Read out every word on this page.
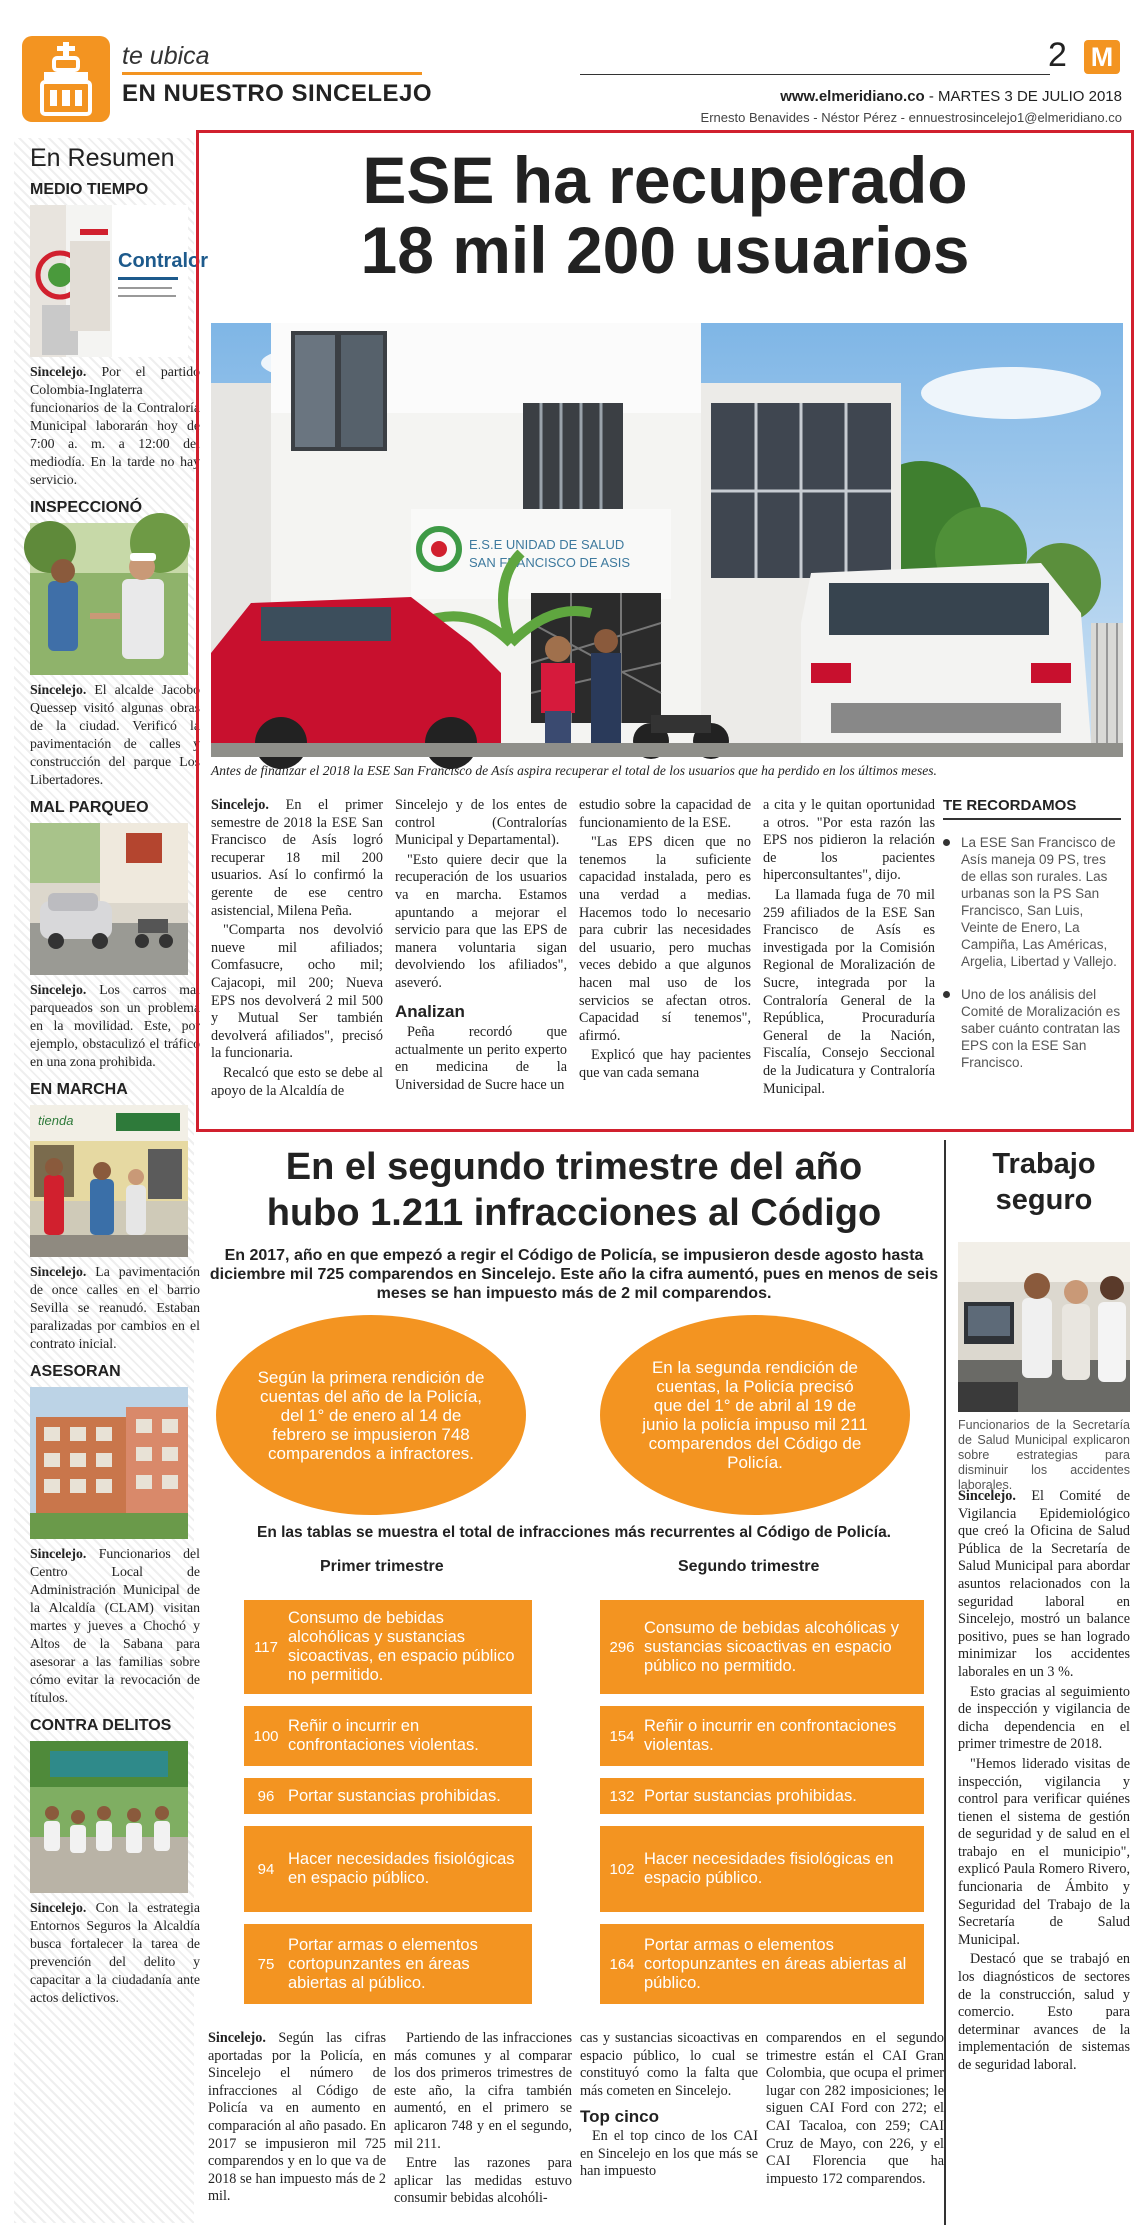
te ubica
EN NUESTRO SINCELEJO
2 M
www.elmeridiano.co - MARTES 3 DE JULIO 2018
Ernesto Benavides - Néstor Pérez - ennuestrosincelejo1@elmeridiano.co
En Resumen
MEDIO TIEMPO
Contralor
Sincelejo. Por el partido Colombia-Inglaterra funcionarios de la Contraloría Municipal laborarán hoy de 7:00 a. m. a 12:00 del mediodía. En la tarde no hay servicio.
INSPECCIONÓ
Sincelejo. El alcalde Jacobo Quessep visitó algunas obras de la ciudad. Verificó la pavimentación de calles y construcción del parque Los Libertadores.
MAL PARQUEO
Sincelejo. Los carros mal parqueados son un problema en la movilidad. Este, por ejemplo, obstaculizó el tráfico en una zona prohibida.
EN MARCHA
tienda
Sincelejo. La pavimentación de once calles en el barrio Sevilla se reanudó. Estaban paralizadas por cambios en el contrato inicial.
ASESORAN
Sincelejo. Funcionarios del Centro Local de Administración Municipal de la Alcaldía (CLAM) visitan martes y jueves a Chochó y Altos de la Sabana para asesorar a las familias sobre cómo evitar la revocación de títulos.
CONTRA DELITOS
Sincelejo. Con la estrategia Entornos Seguros la Alcaldía busca fortalecer la tarea de prevención del delito y capacitar a la ciudadanía ante actos delictivos.
ESE ha recuperado
18 mil 200 usuarios
E.S.E UNIDAD DE SALUD
SAN FRANCISCO DE ASIS
Antes de finalizar el 2018 la ESE San Francisco de Asís aspira recuperar el total de los usuarios que ha perdido en los últimos meses.

Sincelejo. En el primer semestre de 2018 la ESE San Francisco de Asís logró recuperar 18 mil 200 usuarios. Así lo confirmó la gerente de ese centro asistencial, Milena Peña.

"Comparta nos devolvió nueve mil afiliados; Comfasucre, ocho mil; Cajacopi, mil 200; Nueva EPS nos devolverá 2 mil 500 y Mutual Ser también devolverá afiliados", precisó la funcionaria.

Recalcó que esto se debe al apoyo de la Alcaldía de

Sincelejo y de los entes de control (Contralorías Municipal y Departamental).

"Esto quiere decir que la recuperación de los usuarios va en marcha. Estamos apuntando a mejorar el servicio para que las EPS de manera voluntaria sigan devolviendo los afiliados", aseveró.

Analizan

Peña recordó que actualmente un perito experto en medicina de la Universidad de Sucre hace un

estudio sobre la capacidad de funcionamiento de la ESE.

"Las EPS dicen que no tenemos la suficiente capacidad instalada, pero es una verdad a medias. Hacemos todo lo necesario para cubrir las necesidades del usuario, pero muchas veces debido a que algunos hacen mal uso de los servicios se afectan otros. Capacidad sí tenemos", afirmó.

Explicó que hay pacientes que van cada semana

a cita y le quitan oportunidad a otros. "Por esta razón las EPS nos pidieron la relación de los pacientes hiperconsultantes", dijo.

La llamada fuga de 70 mil 259 afiliados de la ESE San Francisco de Asís es investigada por la Comisión Regional de Moralización de Sucre, integrada por la Contraloría General de la República, Procuraduría General de la Nación, Fiscalía, Consejo Seccional de la Judicatura y Contraloría Municipal.

TE RECORDAMOS
La ESE San Francisco de Asís maneja 09 PS, tres de ellas son rurales. Las urbanas son la PS San Francisco, San Luis, Veinte de Enero, La Campiña, Las Américas, Argelia, Libertad y Vallejo.
Uno de los análisis del Comité de Moralización es saber cuánto contratan las EPS con la ESE San Francisco.
En el segundo trimestre del año
hubo 1.211 infracciones al Código
En 2017, año en que empezó a regir el Código de Policía, se impusieron desde agosto hasta diciembre mil 725 comparendos en Sincelejo. Este año la cifra aumentó, pues en menos de seis meses se han impuesto más de 2 mil comparendos.
Según la primera rendición de cuentas del año de la Policía, del 1° de enero al 14 de febrero se impusieron 748 comparendos a infractores.
En la segunda rendición de cuentas, la Policía precisó que del 1° de abril al 19 de junio la policía impuso mil 211 comparendos del Código de Policía.
En las tablas se muestra el total de infracciones más recurrentes al Código de Policía.
Primer trimestre	Segundo trimestre
117
Consumo de bebidas alcohólicas y sustancias sicoactivas, en espacio público no permitido.
100
Reñir o incurrir en confrontaciones violentas.
96 Portar sustancias prohibidas.
94
Hacer necesidades fisiológicas en espacio público.
75
Portar armas o elementos cortopunzantes en áreas abiertas al público.
296
Consumo de bebidas alcohólicas y sustancias sicoactivas en espacio público no permitido.
154
Reñir o incurrir en confrontaciones violentas.
132 Portar sustancias prohibidas.
102
Hacer necesidades fisiológicas en espacio público.
164
Portar armas o elementos cortopunzantes en áreas abiertas al público.

Sincelejo. Según las cifras aportadas por la Policía, en Sincelejo el número de infracciones al Código de Policía va en aumento en comparación al año pasado. En 2017 se impusieron mil 725 comparendos y en lo que va de 2018 se han impuesto más de 2 mil.

Partiendo de las infracciones más comunes y al comparar los dos primeros trimestres de este año, la cifra también aumentó, en el primero se aplicaron 748 y en el segundo, mil 211.

Entre las razones para aplicar las medidas estuvo consumir bebidas alcohóli-

cas y sustancias sicoactivas en espacio público, lo cual se constituyó como la falta que más cometen en Sincelejo.

Top cinco

En el top cinco de los CAI en Sincelejo en los que más se han impuesto

comparendos en el segundo trimestre están el CAI Gran Colombia, que ocupa el primer lugar con 282 imposiciones; le siguen CAI Ford con 272; el CAI Tacaloa, con 259; CAI Cruz de Mayo, con 226, y el CAI Florencia que ha impuesto 172 comparendos.

Trabajo
seguro
Funcionarios de la Secretaría de Salud Municipal explicaron sobre estrategias para disminuir los accidentes laborales.

Sincelejo. El Comité de Vigilancia Epidemiológico que creó la Oficina de Salud Pública de la Secretaría de Salud Municipal para abordar asuntos relacionados con la seguridad laboral en Sincelejo, mostró un balance positivo, pues se han logrado minimizar los accidentes laborales en un 3 %.

Esto gracias al seguimiento de inspección y vigilancia de dicha dependencia en el primer trimestre de 2018.

"Hemos liderado visitas de inspección, vigilancia y control para verificar quiénes tienen el sistema de gestión de seguridad y de salud en el trabajo en el municipio", explicó Paula Romero Rivero, funcionaria de Ámbito y Seguridad del Trabajo de la Secretaría de Salud Municipal.

Destacó que se trabajó en los diagnósticos de sectores de la construcción, salud y comercio. Esto para determinar avances de la implementación de sistemas de seguridad laboral.
